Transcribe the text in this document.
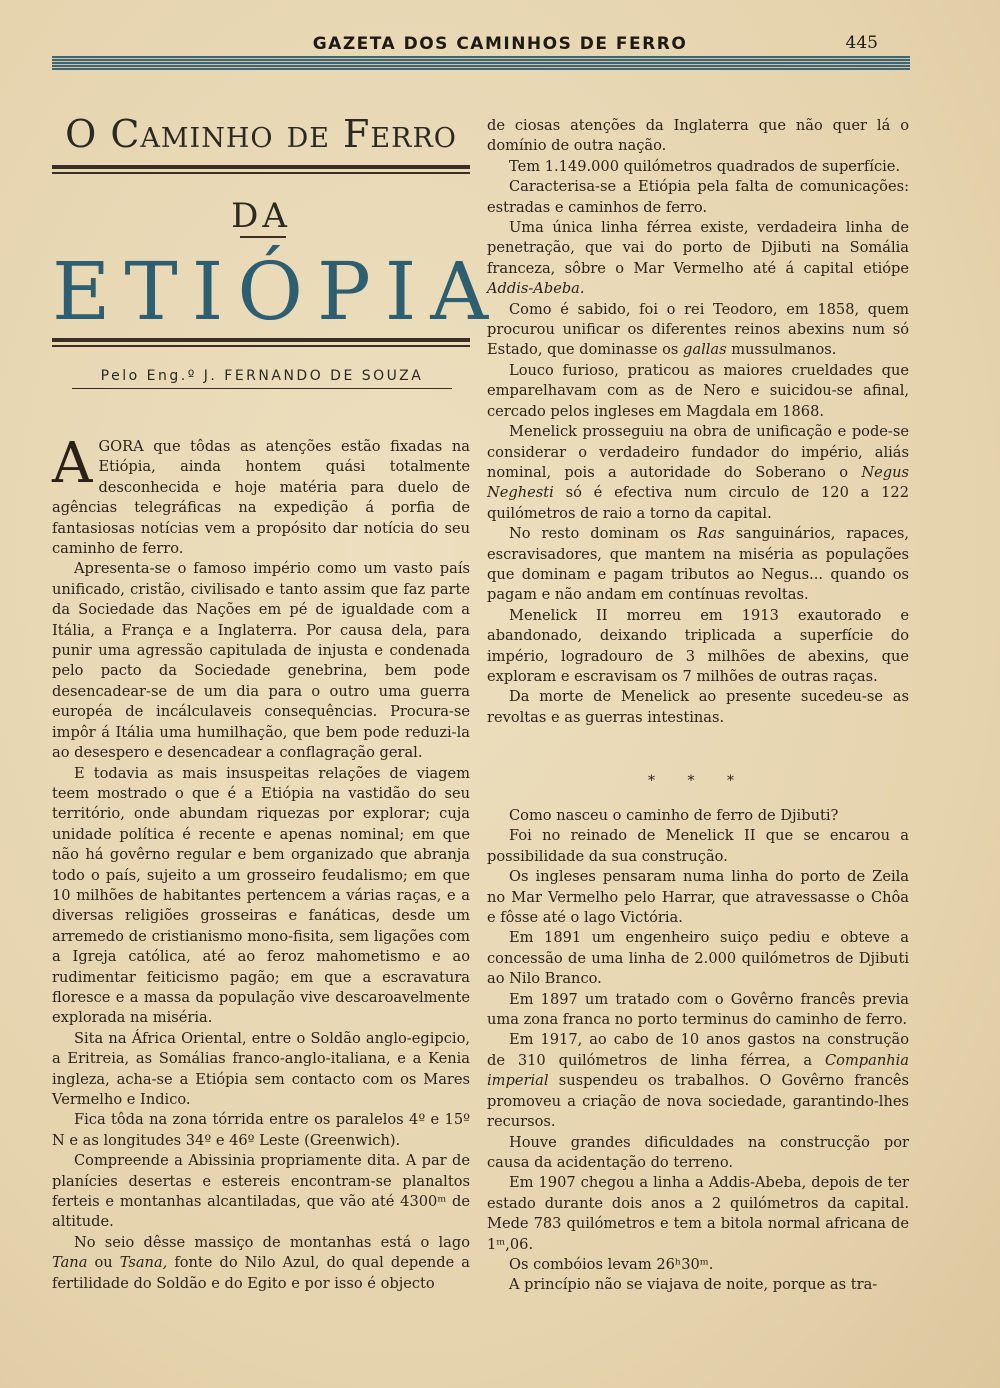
GAZETA DOS CAMINHOS DE FERRO	445
O Caminho de Ferro
DA
ETIÓPIA
Pelo Eng.º J. FERNANDO DE SOUZA

AGORA que tôdas as atenções estão fixadas na Etiópia, ainda hontem quási totalmente desconhecida e hoje matéria para duelo de agências telegráficas na expedição á porfia de fantasiosas notícias vem a propósito dar notícia do seu caminho de ferro.

Apresenta-se o famoso império como um vasto país unificado, cristão, civilisado e tanto assim que faz parte da Sociedade das Nações em pé de igualdade com a Itália, a França e a Inglaterra. Por causa dela, para punir uma agressão capitulada de injusta e condenada pelo pacto da Sociedade genebrina, bem pode desencadear-se de um dia para o outro uma guerra européa de incálculaveis consequências. Procura-se impôr á Itália uma humilhação, que bem pode reduzi-la ao desespero e desencadear a conflagração geral.

E todavia as mais insuspeitas relações de viagem teem mostrado o que é a Etiópia na vastidão do seu território, onde abundam riquezas por explorar; cuja unidade política é recente e apenas nominal; em que não há govêrno regular e bem organizado que abranja todo o país, sujeito a um grosseiro feudalismo; em que 10 milhões de habitantes pertencem a várias raças, e a diversas religiões grosseiras e fanáticas, desde um arremedo de cristianismo mono-fisita, sem ligações com a Igreja católica, até ao feroz mahometismo e ao rudimentar feiticismo pagão; em que a escravatura floresce e a massa da população vive descaroavelmente explorada na miséria.

Sita na África Oriental, entre o Soldão anglo-egipcio, a Eritreia, as Somálias franco-anglo-italiana, e a Kenia ingleza, acha-se a Etiópia sem contacto com os Mares Vermelho e Indico.

Fica tôda na zona tórrida entre os paralelos 4º e 15º N e as longitudes 34º e 46º Leste (Greenwich).

Compreende a Abissinia propriamente dita. A par de planícies desertas e estereis encontram-se planaltos ferteis e montanhas alcantiladas, que vão até 4300ᵐ de altitude.

No seio dêsse massiço de montanhas está o lago Tana ou Tsana, fonte do Nilo Azul, do qual depende a fertilidade do Soldão e do Egito e por isso é objecto

de ciosas atenções da Inglaterra que não quer lá o domínio de outra nação.

Tem 1.149.000 quilómetros quadrados de superfície.

Caracterisa-se a Etiópia pela falta de comunicações: estradas e caminhos de ferro.

Uma única linha férrea existe, verdadeira linha de penetração, que vai do porto de Djibuti na Somália franceza, sôbre o Mar Vermelho até á capital etiópe Addis-Abeba.

Como é sabido, foi o rei Teodoro, em 1858, quem procurou unificar os diferentes reinos abexins num só Estado, que dominasse os gallas mussulmanos.

Louco furioso, praticou as maiores crueldades que emparelhavam com as de Nero e suicidou-se afinal, cercado pelos ingleses em Magdala em 1868.

Menelick prosseguiu na obra de unificação e pode-se considerar o verdadeiro fundador do império, aliás nominal, pois a autoridade do Soberano o Negus Neghesti só é efectiva num circulo de 120 a 122 quilómetros de raio a torno da capital.

No resto dominam os Ras sanguinários, rapaces, escravisadores, que mantem na miséria as populações que dominam e pagam tributos ao Negus... quando os pagam e não andam em contínuas revoltas.

Menelick II morreu em 1913 exautorado e abandonado, deixando triplicada a superfície do império, logradouro de 3 milhões de abexins, que exploram e escravisam os 7 milhões de outras raças.

Da morte de Menelick ao presente sucedeu-se as revoltas e as guerras intestinas.

* * *

Como nasceu o caminho de ferro de Djibuti?

Foi no reinado de Menelick II que se encarou a possibilidade da sua construção.

Os ingleses pensaram numa linha do porto de Zeila no Mar Vermelho pelo Harrar, que atravessasse o Chôa e fôsse até o lago Victória.

Em 1891 um engenheiro suiço pediu e obteve a concessão de uma linha de 2.000 quilómetros de Djibuti ao Nilo Branco.

Em 1897 um tratado com o Govêrno francês previa uma zona franca no porto terminus do caminho de ferro.

Em 1917, ao cabo de 10 anos gastos na construção de 310 quilómetros de linha férrea, a Companhia imperial suspendeu os trabalhos. O Govêrno francês promoveu a criação de nova sociedade, garantindo-lhes recursos.

Houve grandes dificuldades na construcção por causa da acidentação do terreno.

Em 1907 chegou a linha a Addis-Abeba, depois de ter estado durante dois anos a 2 quilómetros da capital. Mede 783 quilómetros e tem a bitola normal africana de 1ᵐ,06.

Os combóios levam 26ʰ30ᵐ.

A princípio não se viajava de noite, porque as tra-
